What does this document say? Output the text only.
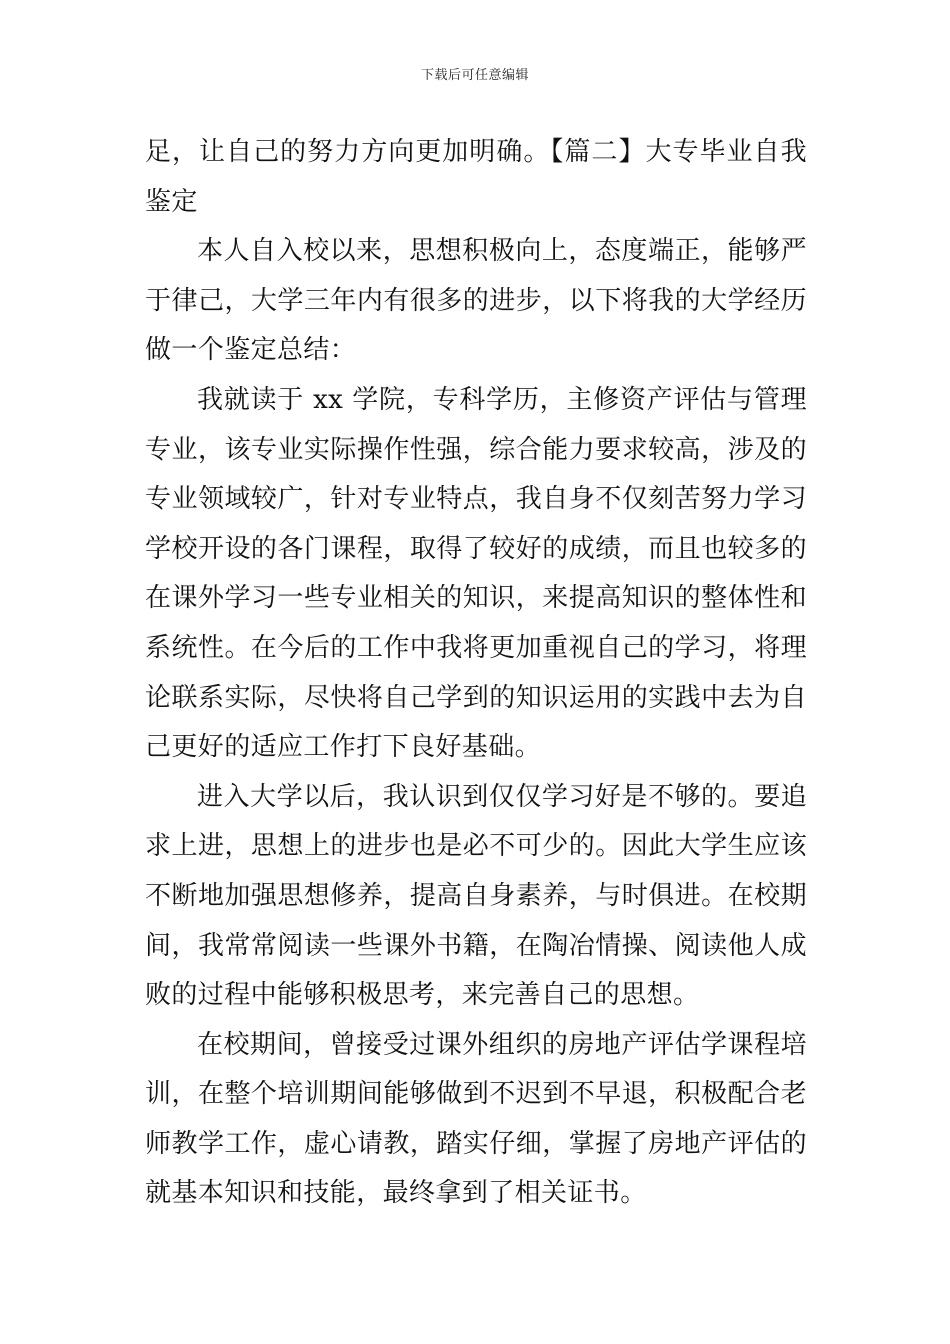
下载后可任意编辑

足，让自己的努力方向更加明确。【篇二】大专毕业自我鉴定

本人自入校以来，思想积极向上，态度端正，能够严于律己，大学三年内有很多的进步，以下将我的大学经历做一个鉴定总结：

我就读于 xx 学院，专科学历，主修资产评估与管理专业，该专业实际操作性强，综合能力要求较高，涉及的专业领域较广，针对专业特点，我自身不仅刻苦努力学习学校开设的各门课程，取得了较好的成绩，而且也较多的在课外学习一些专业相关的知识，来提高知识的整体性和系统性。在今后的工作中我将更加重视自己的学习，将理论联系实际，尽快将自己学到的知识运用的实践中去为自己更好的适应工作打下良好基础。

进入大学以后，我认识到仅仅学习好是不够的。要追求上进，思想上的进步也是必不可少的。因此大学生应该不断地加强思想修养，提高自身素养，与时俱进。在校期间，我常常阅读一些课外书籍，在陶冶情操、阅读他人成败的过程中能够积极思考，来完善自己的思想。

在校期间，曾接受过课外组织的房地产评估学课程培训，在整个培训期间能够做到不迟到不早退，积极配合老师教学工作，虚心请教，踏实仔细，掌握了房地产评估的就基本知识和技能，最终拿到了相关证书。
